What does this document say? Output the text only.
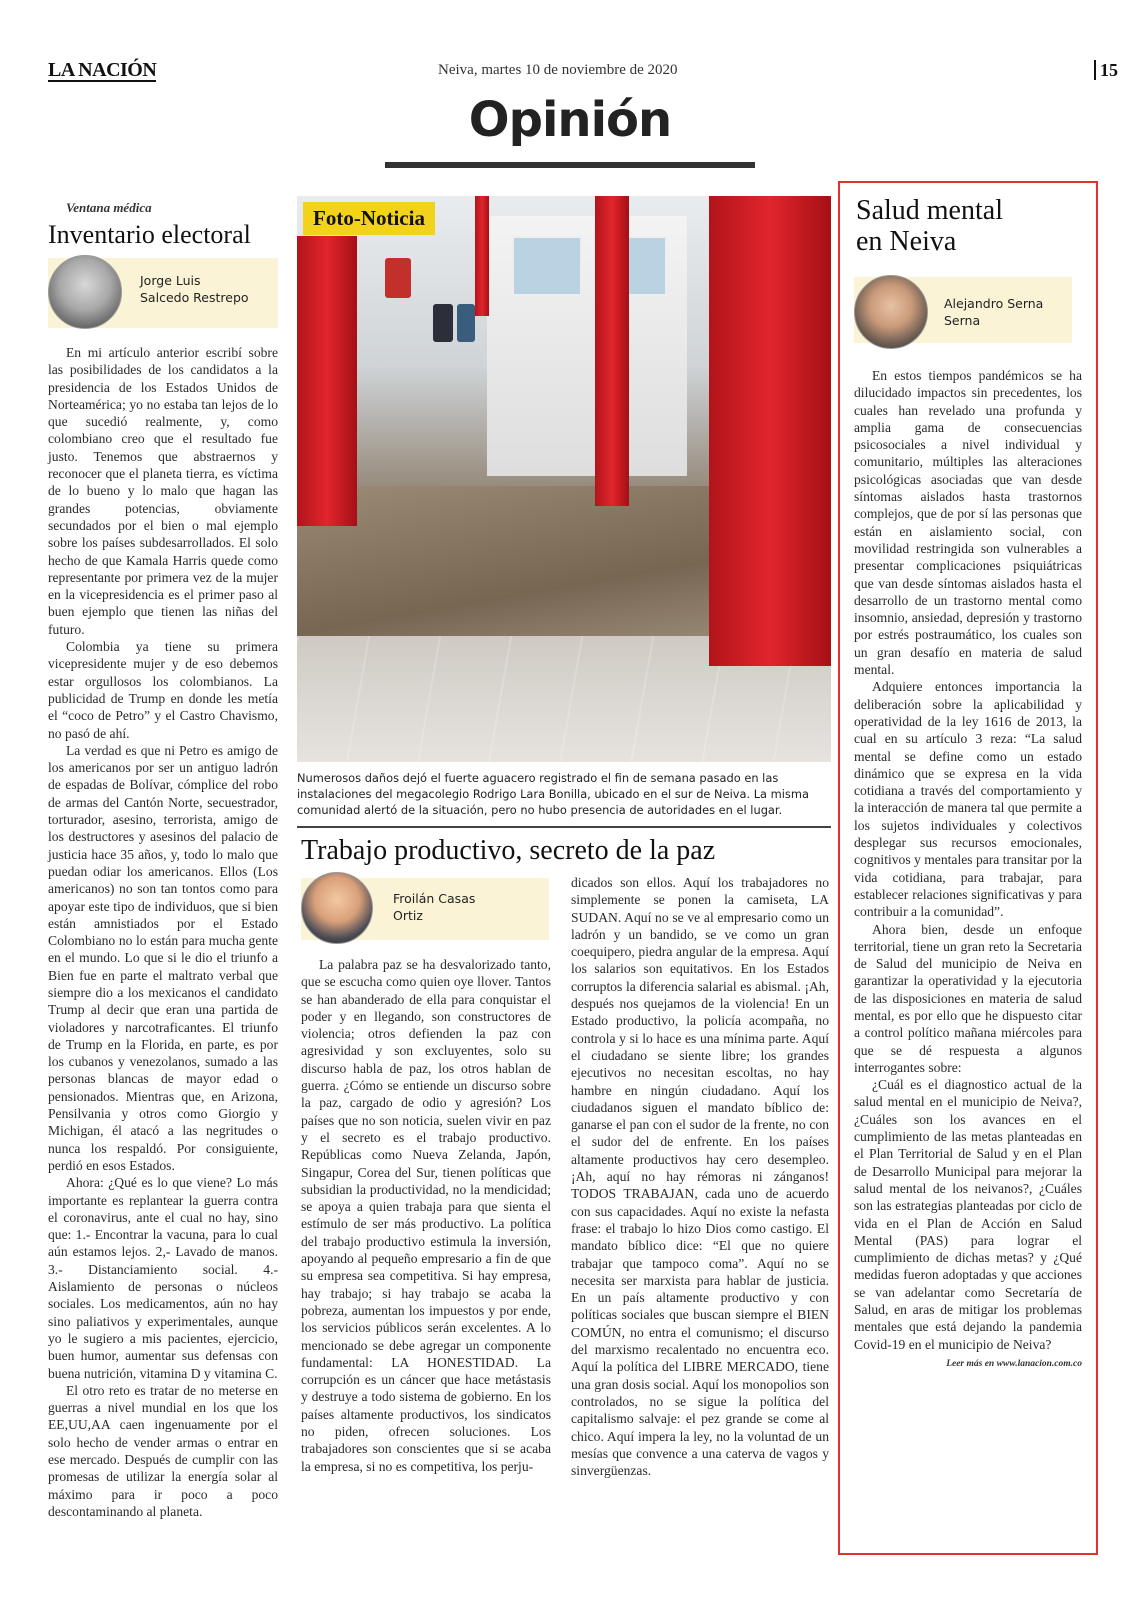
LA NACIÓN	Neiva, martes 10 de noviembre de 2020	15
Opinión
Ventana médica
Inventario electoral
Jorge Luis
Salcedo Restrepo

En mi artículo anterior escribí sobre las posibilidades de los candidatos a la presidencia de los Estados Unidos de Norteamérica; yo no estaba tan lejos de lo que sucedió realmente, y, como colombiano creo que el resultado fue justo. Tenemos que abstraernos y reconocer que el planeta tierra, es víctima de lo bueno y lo malo que hagan las grandes potencias, obviamente secundados por el bien o mal ejemplo sobre los países subdesarrollados. El solo hecho de que Kamala Harris quede como representante por primera vez de la mujer en la vicepresidencia es el primer paso al buen ejemplo que tienen las niñas del futuro.

Colombia ya tiene su primera vicepresidente mujer y de eso debemos estar orgullosos los colombianos. La publicidad de Trump en donde les metía el “coco de Petro” y el Castro Chavismo, no pasó de ahí.

La verdad es que ni Petro es amigo de los americanos por ser un antiguo ladrón de espadas de Bolívar, cómplice del robo de armas del Cantón Norte, secuestrador, torturador, asesino, terrorista, amigo de los destructores y asesinos del palacio de justicia hace 35 años, y, todo lo malo que puedan odiar los americanos. Ellos (Los americanos) no son tan tontos como para apoyar este tipo de individuos, que si bien están amnistiados por el Estado Colombiano no lo están para mucha gente en el mundo. Lo que si le dio el triunfo a Bien fue en parte el maltrato verbal que siempre dio a los mexicanos el candidato Trump al decir que eran una partida de violadores y narcotraficantes. El triunfo de Trump en la Florida, en parte, es por los cubanos y venezolanos, sumado a las personas blancas de mayor edad o pensionados. Mientras que, en Arizona, Pensilvania y otros como Giorgio y Michigan, él atacó a las negritudes o nunca los respaldó. Por consiguiente, perdió en esos Estados.

Ahora: ¿Qué es lo que viene? Lo más importante es replantear la guerra contra el coronavirus, ante el cual no hay, sino que: 1.- Encontrar la vacuna, para lo cual aún estamos lejos. 2,- Lavado de manos. 3.- Distanciamiento social. 4.- Aislamiento de personas o núcleos sociales. Los medicamentos, aún no hay sino paliativos y experimentales, aunque yo le sugiero a mis pacientes, ejercicio, buen humor, aumentar sus defensas con buena nutrición, vitamina D y vitamina C.

El otro reto es tratar de no meterse en guerras a nivel mundial en los que los EE,UU,AA caen ingenuamente por el solo hecho de vender armas o entrar en ese mercado. Después de cumplir con las promesas de utilizar la energía solar al máximo para ir poco a poco descontaminando al planeta.

Foto-Noticia
Numerosos daños dejó el fuerte aguacero registrado el fin de semana pasado en las instalaciones del megacolegio Rodrigo Lara Bonilla, ubicado en el sur de Neiva. La misma comunidad alertó de la situación, pero no hubo presencia de autoridades en el lugar.
Trabajo productivo, secreto de la paz
Froilán Casas
Ortiz

La palabra paz se ha desvalorizado tanto, que se escucha como quien oye llover. Tantos se han abanderado de ella para conquistar el poder y en llegando, son constructores de violencia; otros defienden la paz con agresividad y son excluyentes, solo su discurso habla de paz, los otros hablan de guerra. ¿Cómo se entiende un discurso sobre la paz, cargado de odio y agresión? Los países que no son noticia, suelen vivir en paz y el secreto es el trabajo productivo. Repúblicas como Nueva Zelanda, Japón, Singapur, Corea del Sur, tienen políticas que subsidian la productividad, no la mendicidad; se apoya a quien trabaja para que sienta el estímulo de ser más productivo. La política del trabajo productivo estimula la inversión, apoyando al pequeño empresario a fin de que su empresa sea competitiva. Si hay empresa, hay trabajo; si hay trabajo se acaba la pobreza, aumentan los impuestos y por ende, los servicios públicos serán excelentes. A lo mencionado se debe agregar un componente fundamental: LA HONESTIDAD. La corrupción es un cáncer que hace metástasis y destruye a todo sistema de gobierno. En los países altamente productivos, los sindicatos no piden, ofrecen soluciones. Los trabajadores son conscientes que si se acaba la empresa, si no es competitiva, los perju-

dicados son ellos. Aquí los trabajadores no simplemente se ponen la camiseta, LA SUDAN. Aquí no se ve al empresario como un ladrón y un bandido, se ve como un gran coequipero, piedra angular de la empresa. Aquí los salarios son equitativos. En los Estados corruptos la diferencia salarial es abismal. ¡Ah, después nos quejamos de la violencia! En un Estado productivo, la policía acompaña, no controla y si lo hace es una mínima parte. Aquí el ciudadano se siente libre; los grandes ejecutivos no necesitan escoltas, no hay hambre en ningún ciudadano. Aquí los ciudadanos siguen el mandato bíblico de: ganarse el pan con el sudor de la frente, no con el sudor del de enfrente. En los países altamente productivos hay cero desempleo. ¡Ah, aquí no hay rémoras ni zánganos! TODOS TRABAJAN, cada uno de acuerdo con sus capacidades. Aquí no existe la nefasta frase: el trabajo lo hizo Dios como castigo. El mandato bíblico dice: “El que no quiere trabajar que tampoco coma”. Aquí no se necesita ser marxista para hablar de justicia. En un país altamente productivo y con políticas sociales que buscan siempre el BIEN COMÚN, no entra el comunismo; el discurso del marxismo recalentado no encuentra eco. Aquí la política del LIBRE MERCADO, tiene una gran dosis social. Aquí los monopolios son controlados, no se sigue la política del capitalismo salvaje: el pez grande se come al chico. Aquí impera la ley, no la voluntad de un mesías que convence a una caterva de vagos y sinvergüenzas.

Salud mental
en Neiva
Alejandro Serna
Serna

En estos tiempos pandémicos se ha dilucidado impactos sin precedentes, los cuales han revelado una profunda y amplia gama de consecuencias psicosociales a nivel individual y comunitario, múltiples las alteraciones psicológicas asociadas que van desde síntomas aislados hasta trastornos complejos, que de por sí las personas que están en aislamiento social, con movilidad restringida son vulnerables a presentar complicaciones psiquiátricas que van desde síntomas aislados hasta el desarrollo de un trastorno mental como insomnio, ansiedad, depresión y trastorno por estrés postraumático, los cuales son un gran desafío en materia de salud mental.

Adquiere entonces importancia la deliberación sobre la aplicabilidad y operatividad de la ley 1616 de 2013, la cual en su artículo 3 reza: “La salud mental se define como un estado dinámico que se expresa en la vida cotidiana a través del comportamiento y la interacción de manera tal que permite a los sujetos individuales y colectivos desplegar sus recursos emocionales, cognitivos y mentales para transitar por la vida cotidiana, para trabajar, para establecer relaciones significativas y para contribuir a la comunidad”.

Ahora bien, desde un enfoque territorial, tiene un gran reto la Secretaria de Salud del municipio de Neiva en garantizar la operatividad y la ejecutoria de las disposiciones en materia de salud mental, es por ello que he dispuesto citar a control político mañana miércoles para que se dé respuesta a algunos interrogantes sobre:

¿Cuál es el diagnostico actual de la salud mental en el municipio de Neiva?, ¿Cuáles son los avances en el cumplimiento de las metas planteadas en el Plan Territorial de Salud y en el Plan de Desarrollo Municipal para mejorar la salud mental de los neivanos?, ¿Cuáles son las estrategias planteadas por ciclo de vida en el Plan de Acción en Salud Mental (PAS) para lograr el cumplimiento de dichas metas? y ¿Qué medidas fueron adoptadas y que acciones se van adelantar como Secretaría de Salud, en aras de mitigar los problemas mentales que está dejando la pandemia Covid-19 en el municipio de Neiva?

Leer más en www.lanacion.com.co
